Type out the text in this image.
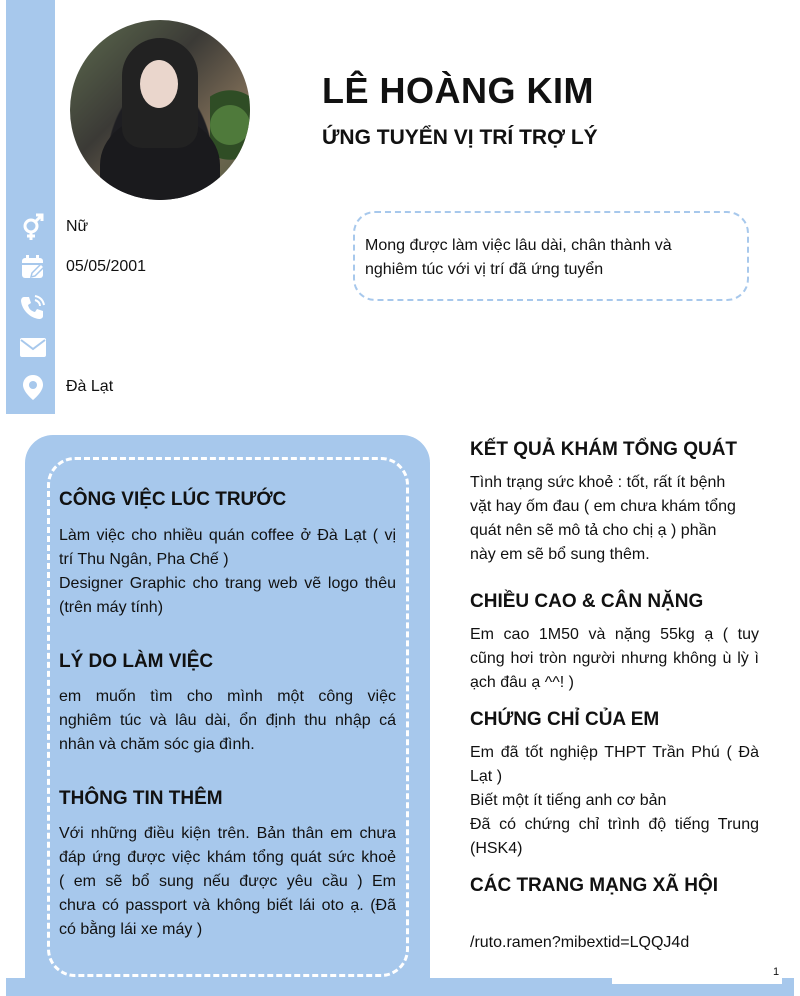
LÊ HOÀNG KIM
ỨNG TUYỂN VỊ TRÍ TRỢ LÝ
Nữ
05/05/2001
Đà Lạt
Mong được làm việc lâu dài, chân thành và
nghiêm túc với vị trí đã ứng tuyển
CÔNG VIỆC LÚC TRƯỚC
Làm việc cho nhiều quán coffee ở Đà Lạt ( vị
trí Thu Ngân, Pha Chế )
Designer Graphic cho trang web vẽ logo thêu
(trên máy tính)
LÝ DO LÀM VIỆC
em muốn tìm cho mình một công việc
nghiêm túc và lâu dài, ổn định thu nhập cá
nhân và chăm sóc gia đình.
THÔNG TIN THÊM
Với những điều kiện trên. Bản thân em chưa
đáp ứng được việc khám tổng quát sức khoẻ
( em sẽ bổ sung nếu được yêu cầu ) Em
chưa có passport và không biết lái oto ạ. (Đã
có bằng lái xe máy )
KẾT QUẢ KHÁM TỔNG QUÁT
Tình trạng sức khoẻ : tốt, rất ít bệnh
vặt hay ốm đau ( em chưa khám tổng
quát nên sẽ mô tả cho chị ạ ) phần
này em sẽ bổ sung thêm.
CHIỀU CAO & CÂN NẶNG
Em cao 1M50 và nặng 55kg ạ ( tuy
cũng hơi tròn người nhưng không ù lỳ ì
ạch đâu ạ ^^! )
CHỨNG CHỈ CỦA EM
Em đã tốt nghiệp THPT Trần Phú ( Đà
Lạt )
Biết một ít tiếng anh cơ bản
Đã có chứng chỉ trình độ tiếng Trung
(HSK4)
CÁC TRANG MẠNG XÃ HỘI
/ruto.ramen?mibextid=LQQJ4d
1
